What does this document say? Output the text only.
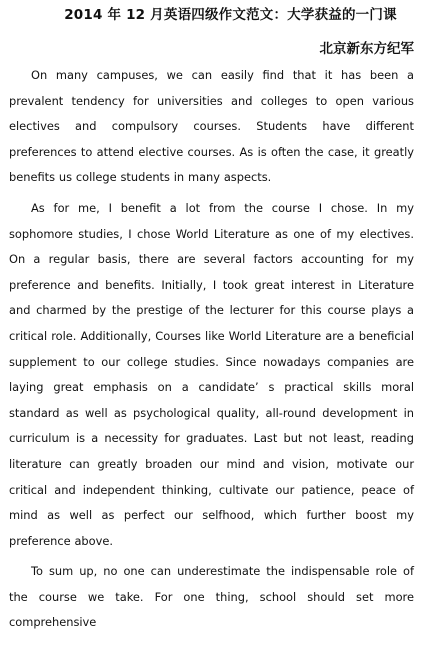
2014 年 12 月英语四级作文范文：大学获益的一门课
北京新东方纪军

On many campuses, we can easily find that it has been a prevalent tendency for universities and colleges to open various electives and compulsory courses. Students have different preferences to attend elective courses. As is often the case, it greatly benefits us college students in many aspects.

As for me, I benefit a lot from the course I chose. In my sophomore studies, I chose World Literature as one of my electives. On a regular basis, there are several factors accounting for my preference and benefits. Initially, I took great interest in Literature and charmed by the prestige of the lecturer for this course plays a critical role. Additionally, Courses like World Literature are a beneficial supplement to our college studies. Since nowadays companies are laying great emphasis on a candidate’ s practical skills moral standard as well as psychological quality, all-round development in curriculum is a necessity for graduates. Last but not least, reading literature can greatly broaden our mind and vision, motivate our critical and independent thinking, cultivate our patience, peace of mind as well as perfect our selfhood, which further boost my preference above.

To sum up, no one can underestimate the indispensable role of the course we take. For one thing, school should set more comprehensive
